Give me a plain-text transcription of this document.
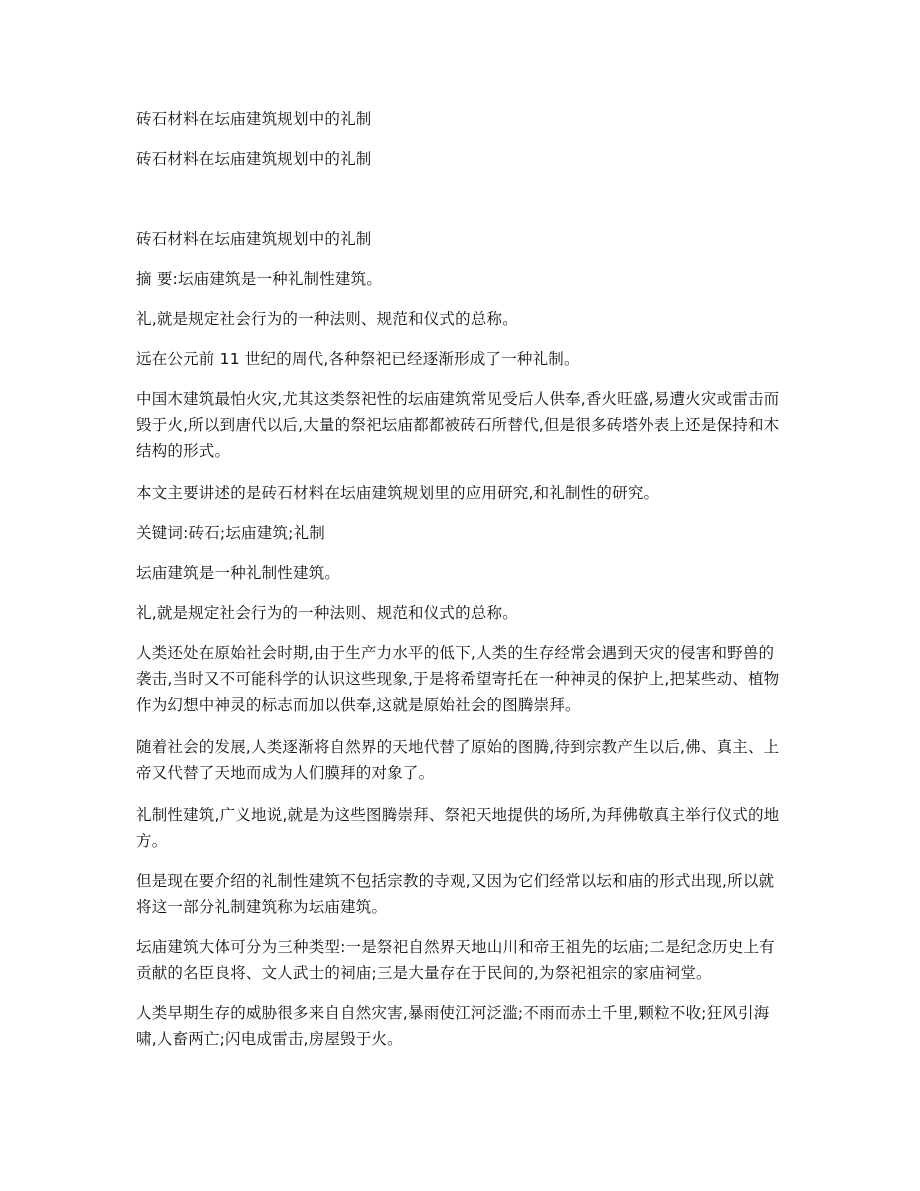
砖石材料在坛庙建筑规划中的礼制

砖石材料在坛庙建筑规划中的礼制

砖石材料在坛庙建筑规划中的礼制

摘 要:坛庙建筑是一种礼制性建筑。

礼,就是规定社会行为的一种法则、规范和仪式的总称。

远在公元前 11 世纪的周代,各种祭祀已经逐渐形成了一种礼制。

中国木建筑最怕火灾,尤其这类祭祀性的坛庙建筑常见受后人供奉,香火旺盛,易遭火灾或雷击而毁于火,所以到唐代以后,大量的祭祀坛庙都都被砖石所替代,但是很多砖塔外表上还是保持和木结构的形式。

本文主要讲述的是砖石材料在坛庙建筑规划里的应用研究,和礼制性的研究。

关键词:砖石;坛庙建筑;礼制

坛庙建筑是一种礼制性建筑。

礼,就是规定社会行为的一种法则、规范和仪式的总称。

人类还处在原始社会时期,由于生产力水平的低下,人类的生存经常会遇到天灾的侵害和野兽的袭击,当时又不可能科学的认识这些现象,于是将希望寄托在一种神灵的保护上,把某些动、植物作为幻想中神灵的标志而加以供奉,这就是原始社会的图腾崇拜。

随着社会的发展,人类逐渐将自然界的天地代替了原始的图腾,待到宗教产生以后,佛、真主、上帝又代替了天地而成为人们膜拜的对象了。

礼制性建筑,广义地说,就是为这些图腾崇拜、祭祀天地提供的场所,为拜佛敬真主举行仪式的地方。

但是现在要介绍的礼制性建筑不包括宗教的寺观,又因为它们经常以坛和庙的形式出现,所以就将这一部分礼制建筑称为坛庙建筑。

坛庙建筑大体可分为三种类型:一是祭祀自然界天地山川和帝王祖先的坛庙;二是纪念历史上有贡献的名臣良将、文人武士的祠庙;三是大量存在于民间的,为祭祀祖宗的家庙祠堂。

人类早期生存的威胁很多来自自然灾害,暴雨使江河泛滥;不雨而赤土千里,颗粒不收;狂风引海啸,人畜两亡;闪电成雷击,房屋毁于火。
